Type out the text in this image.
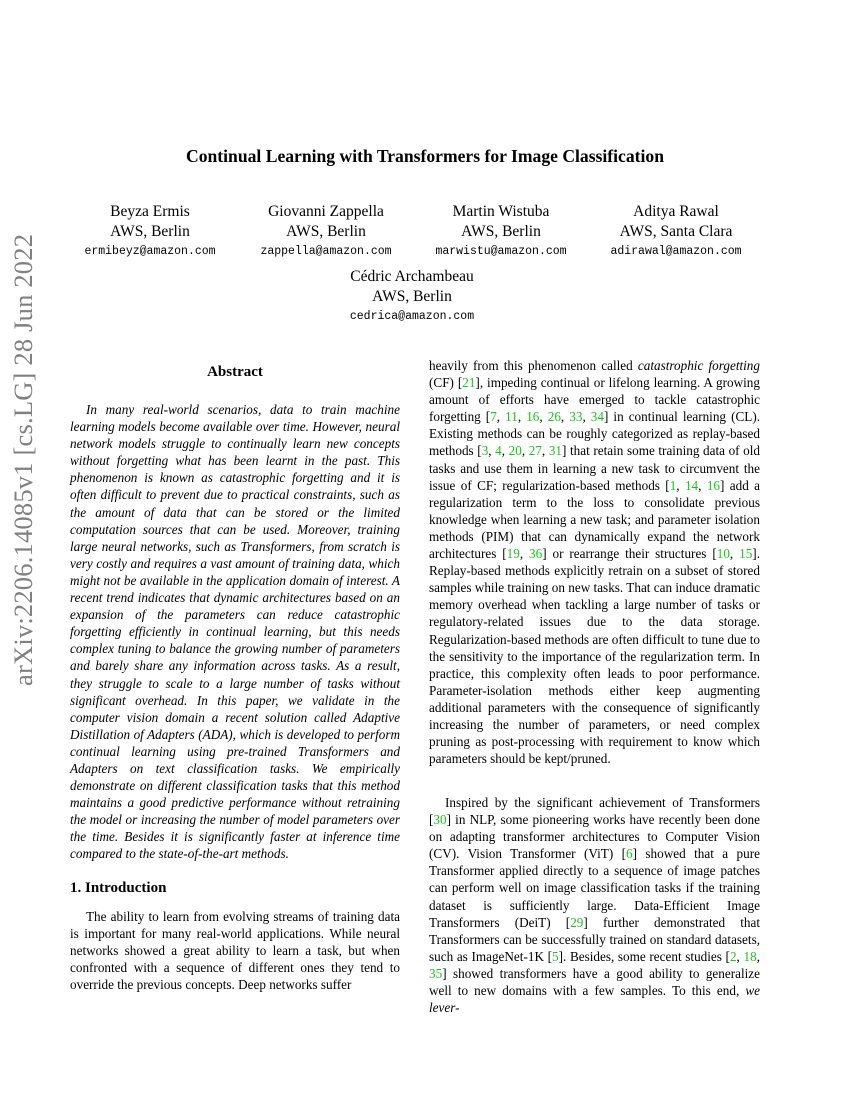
arXiv:2206.14085v1 [cs.LG] 28 Jun 2022
Continual Learning with Transformers for Image Classification
Beyza Ermis
AWS, Berlin
ermibeyz@amazon.com
Giovanni Zappella
AWS, Berlin
zappella@amazon.com
Martin Wistuba
AWS, Berlin
marwistu@amazon.com
Aditya Rawal
AWS, Santa Clara
adirawal@amazon.com
Cédric Archambeau
AWS, Berlin
cedrica@amazon.com
Abstract

In many real-world scenarios, data to train machine learning models become available over time. However, neural network models struggle to continually learn new concepts without forgetting what has been learnt in the past. This phenomenon is known as catastrophic forgetting and it is often difficult to prevent due to practical constraints, such as the amount of data that can be stored or the limited computation sources that can be used. Moreover, training large neural networks, such as Transformers, from scratch is very costly and requires a vast amount of training data, which might not be available in the application domain of interest. A recent trend indicates that dynamic architectures based on an expansion of the parameters can reduce catastrophic forgetting efficiently in continual learning, but this needs complex tuning to balance the growing number of parameters and barely share any information across tasks. As a result, they struggle to scale to a large number of tasks without significant overhead. In this paper, we validate in the computer vision domain a recent solution called Adaptive Distillation of Adapters (ADA), which is developed to perform continual learning using pre-trained Transformers and Adapters on text classification tasks. We empirically demonstrate on different classification tasks that this method maintains a good predictive performance without retraining the model or increasing the number of model parameters over the time. Besides it is significantly faster at inference time compared to the state-of-the-art methods.

1. Introduction

The ability to learn from evolving streams of training data is important for many real-world applications. While neural networks showed a great ability to learn a task, but when confronted with a sequence of different ones they tend to override the previous concepts. Deep networks suffer

heavily from this phenomenon called catastrophic forgetting (CF) [21], impeding continual or lifelong learning. A growing amount of efforts have emerged to tackle catastrophic forgetting [7, 11, 16, 26, 33, 34] in continual learning (CL). Existing methods can be roughly categorized as replay-based methods [3, 4, 20, 27, 31] that retain some training data of old tasks and use them in learning a new task to circumvent the issue of CF; regularization-based methods [1, 14, 16] add a regularization term to the loss to consolidate previous knowledge when learning a new task; and parameter isolation methods (PIM) that can dynamically expand the network architectures [19, 36] or rearrange their structures [10, 15]. Replay-based methods explicitly retrain on a subset of stored samples while training on new tasks. That can induce dramatic memory overhead when tackling a large number of tasks or regulatory-related issues due to the data storage. Regularization-based methods are often difficult to tune due to the sensitivity to the importance of the regularization term. In practice, this complexity often leads to poor performance. Parameter-isolation methods either keep augmenting additional parameters with the consequence of significantly increasing the number of parameters, or need complex pruning as post-processing with requirement to know which parameters should be kept/pruned.

Inspired by the significant achievement of Transformers [30] in NLP, some pioneering works have recently been done on adapting transformer architectures to Computer Vision (CV). Vision Transformer (ViT) [6] showed that a pure Transformer applied directly to a sequence of image patches can perform well on image classification tasks if the training dataset is sufficiently large. Data-Efficient Image Transformers (DeiT) [29] further demonstrated that Transformers can be successfully trained on standard datasets, such as ImageNet-1K [5]. Besides, some recent studies [2, 18, 35] showed transformers have a good ability to generalize well to new domains with a few samples. To this end, we lever-
